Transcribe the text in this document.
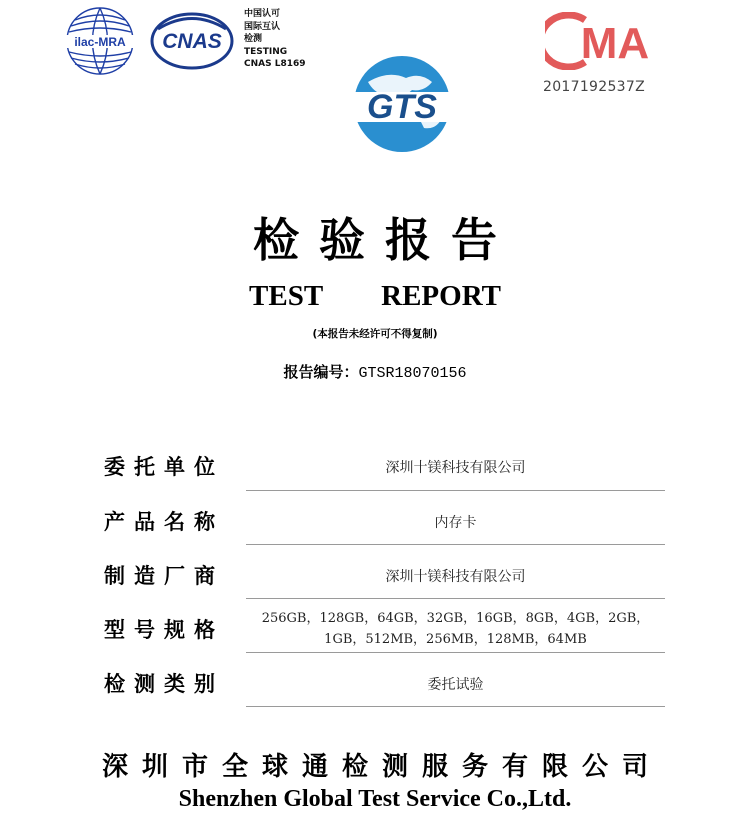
ilac-MRA CNAS
中国认可
国际互认
检测
TESTING
CNAS L8169	MA
2017192537Z
GTS
检验报告
TEST  REPORT
(本报告未经许可不得复制)
报告编号：GTSR18070156
委托单位	深圳十镁科技有限公司
产品名称	内存卡
制造厂商	深圳十镁科技有限公司
型号规格	256GB，128GB，64GB，32GB，16GB，8GB，4GB，2GB，
1GB，512MB，256MB，128MB，64MB
检测类别	委托试验
深圳市全球通检测服务有限公司
Shenzhen Global Test Service Co.,Ltd.
